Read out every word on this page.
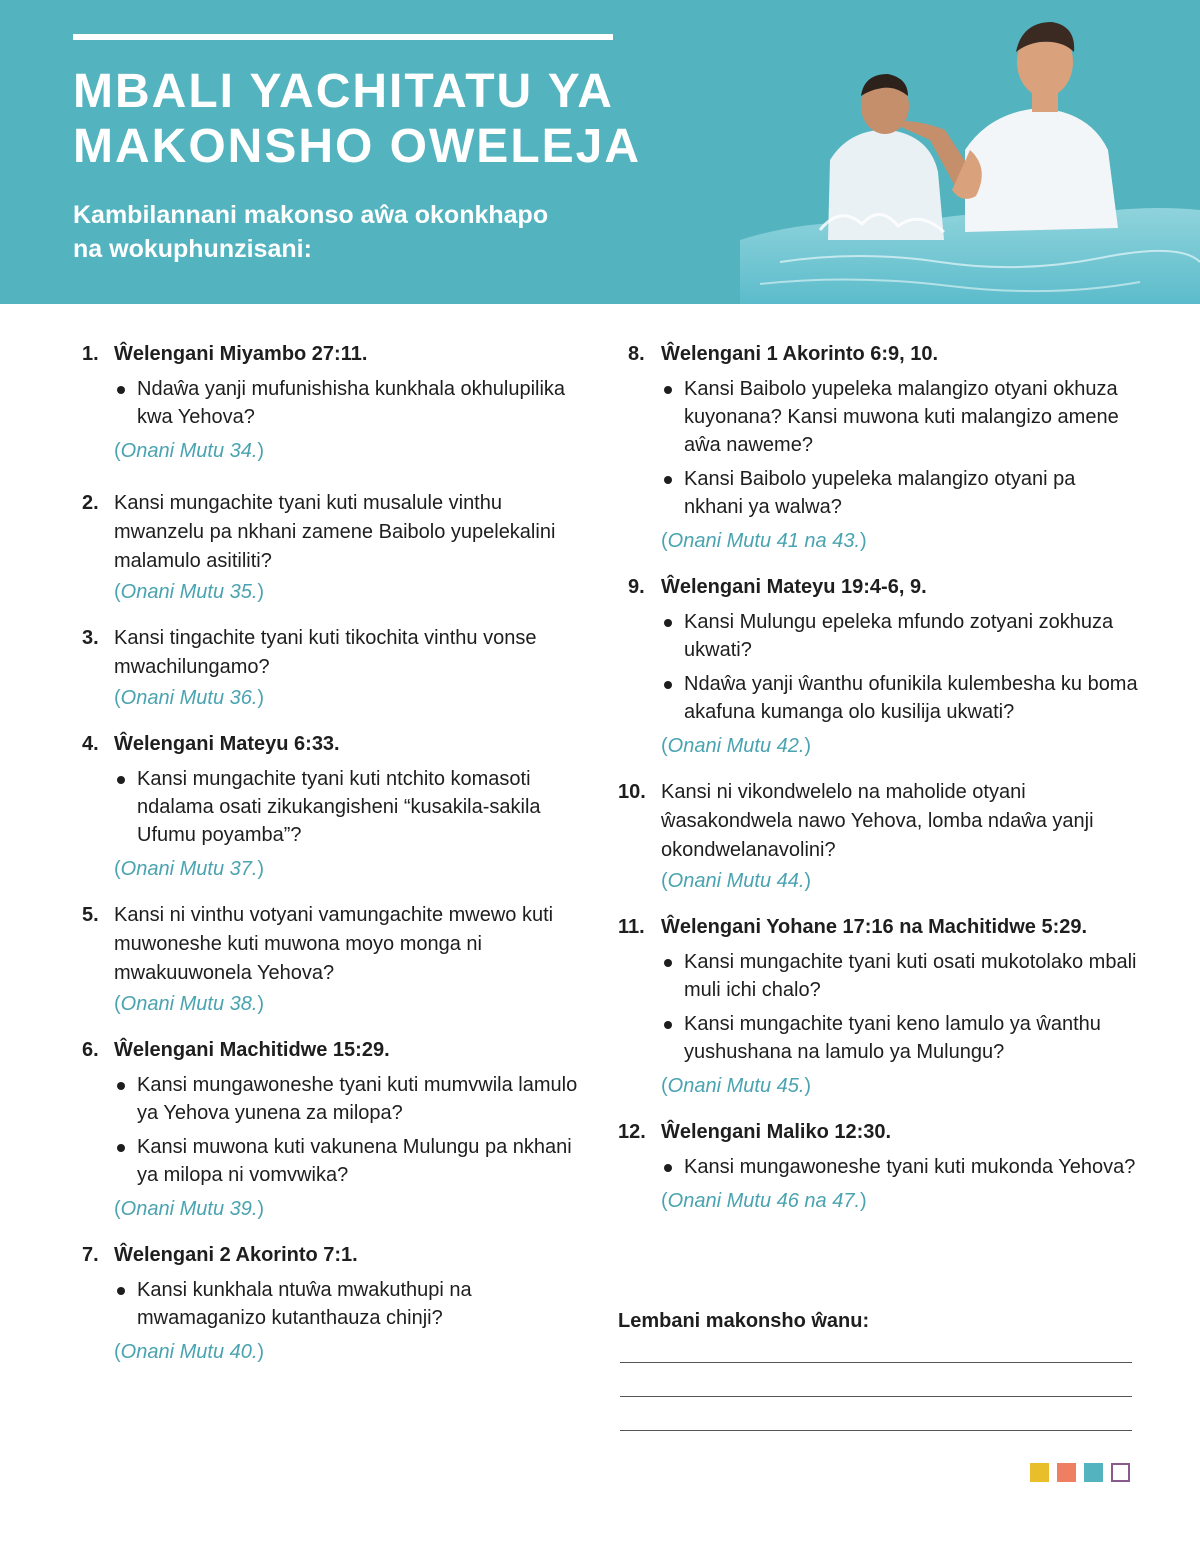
MBALI YACHITATU YA
MAKONSHO OWELEJA
Kambilannani makonso aŵa okonkhapo
na wokuphunzisani:
1. Ŵelengani Miyambo 27:11.
Ndaŵa yanji mufunishisha kunkhala okhulupilika kwa Yehova?
(Onani Mutu 34.)
2. Kansi mungachite tyani kuti musalule vinthu mwanzelu pa nkhani zamene Baibolo yupelekalini malamulo asitiliti?
(Onani Mutu 35.)
3. Kansi tingachite tyani kuti tikochita vinthu vonse mwachilungamo?
(Onani Mutu 36.)
4. Ŵelengani Mateyu 6:33.
Kansi mungachite tyani kuti ntchito komasoti ndalama osati zikukangisheni “kusakila-sakila Ufumu poyamba”?
(Onani Mutu 37.)
5. Kansi ni vinthu votyani vamungachite mwewo kuti muwoneshe kuti muwona moyo monga ni mwakuuwonela Yehova?
(Onani Mutu 38.)
6. Ŵelengani Machitidwe 15:29.
Kansi mungawoneshe tyani kuti mumvwila lamulo ya Yehova yunena za milopa?
Kansi muwona kuti vakunena Mulungu pa nkhani ya milopa ni vomvwika?
(Onani Mutu 39.)
7. Ŵelengani 2 Akorinto 7:1.
Kansi kunkhala ntuŵa mwakuthupi na mwamaganizo kutanthauza chinji?
(Onani Mutu 40.)
8. Ŵelengani 1 Akorinto 6:9, 10.
Kansi Baibolo yupeleka malangizo otyani okhuza kuyonana? Kansi muwona kuti malangizo amene aŵa naweme?
Kansi Baibolo yupeleka malangizo otyani pa nkhani ya walwa?
(Onani Mutu 41 na 43.)
9. Ŵelengani Mateyu 19:4-6, 9.
Kansi Mulungu epeleka mfundo zotyani zokhuza ukwati?
Ndaŵa yanji ŵanthu ofunikila kulembesha ku boma akafuna kumanga olo kusilija ukwati?
(Onani Mutu 42.)
10. Kansi ni vikondwelelo na maholide otyani ŵasakondwela nawo Yehova, lomba ndaŵa yanji okondwelanavolini?
(Onani Mutu 44.)
11. Ŵelengani Yohane 17:16 na Machitidwe 5:29.
Kansi mungachite tyani kuti osati mukotolako mbali muli ichi chalo?
Kansi mungachite tyani keno lamulo ya ŵanthu yushushana na lamulo ya Mulungu?
(Onani Mutu 45.)
12. Ŵelengani Maliko 12:30.
Kansi mungawoneshe tyani kuti mukonda Yehova?
(Onani Mutu 46 na 47.)
Lembani makonsho ŵanu:
